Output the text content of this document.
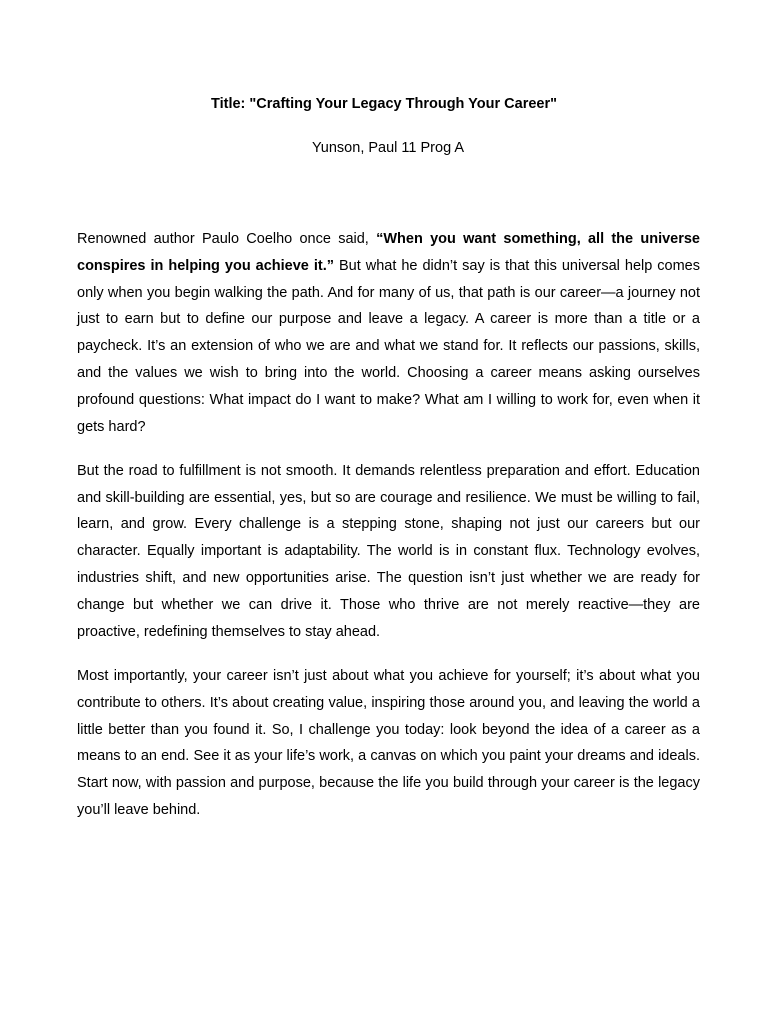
Title: "Crafting Your Legacy Through Your Career"

Yunson, Paul 11 Prog A

Renowned author Paulo Coelho once said, “When you want something, all the universe conspires in helping you achieve it.” But what he didn’t say is that this universal help comes only when you begin walking the path. And for many of us, that path is our career—a journey not just to earn but to define our purpose and leave a legacy. A career is more than a title or a paycheck. It’s an extension of who we are and what we stand for. It reflects our passions, skills, and the values we wish to bring into the world. Choosing a career means asking ourselves profound questions: What impact do I want to make? What am I willing to work for, even when it gets hard?

But the road to fulfillment is not smooth. It demands relentless preparation and effort. Education and skill-building are essential, yes, but so are courage and resilience. We must be willing to fail, learn, and grow. Every challenge is a stepping stone, shaping not just our careers but our character. Equally important is adaptability. The world is in constant flux. Technology evolves, industries shift, and new opportunities arise. The question isn’t just whether we are ready for change but whether we can drive it. Those who thrive are not merely reactive—they are proactive, redefining themselves to stay ahead.

Most importantly, your career isn’t just about what you achieve for yourself; it’s about what you contribute to others. It’s about creating value, inspiring those around you, and leaving the world a little better than you found it. So, I challenge you today: look beyond the idea of a career as a means to an end. See it as your life’s work, a canvas on which you paint your dreams and ideals. Start now, with passion and purpose, because the life you build through your career is the legacy you’ll leave behind.
